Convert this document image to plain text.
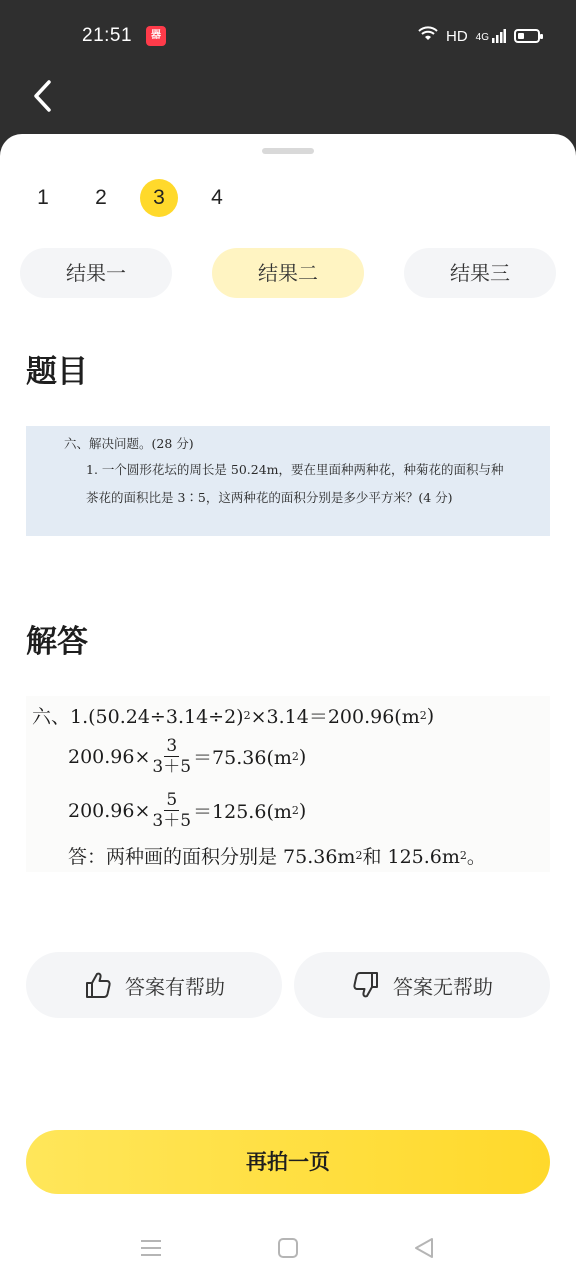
21:51	器	HD 4G
1	2	3	4
结果一	结果二	结果三
题目
六、解决问题。(28 分)
1. 一个圆形花坛的周长是 50.24m，要在里面种两种花，种菊花的面积与种
茶花的面积比是 3∶5，这两种花的面积分别是多少平方米？(4 分)
解答
六、1.(50.24÷3.14÷2) 2 ×3.14＝200.96(m 2 )
$200.96\times \frac{3}{3+5} =75.36(m$ 2 )
$200.96\times \frac{5}{3+5} =125.6(m$ 2 )
答：两种画的面积分别是 75.36m 2 和 125.6m 2 。
答案有帮助	答案无帮助
再拍一页
